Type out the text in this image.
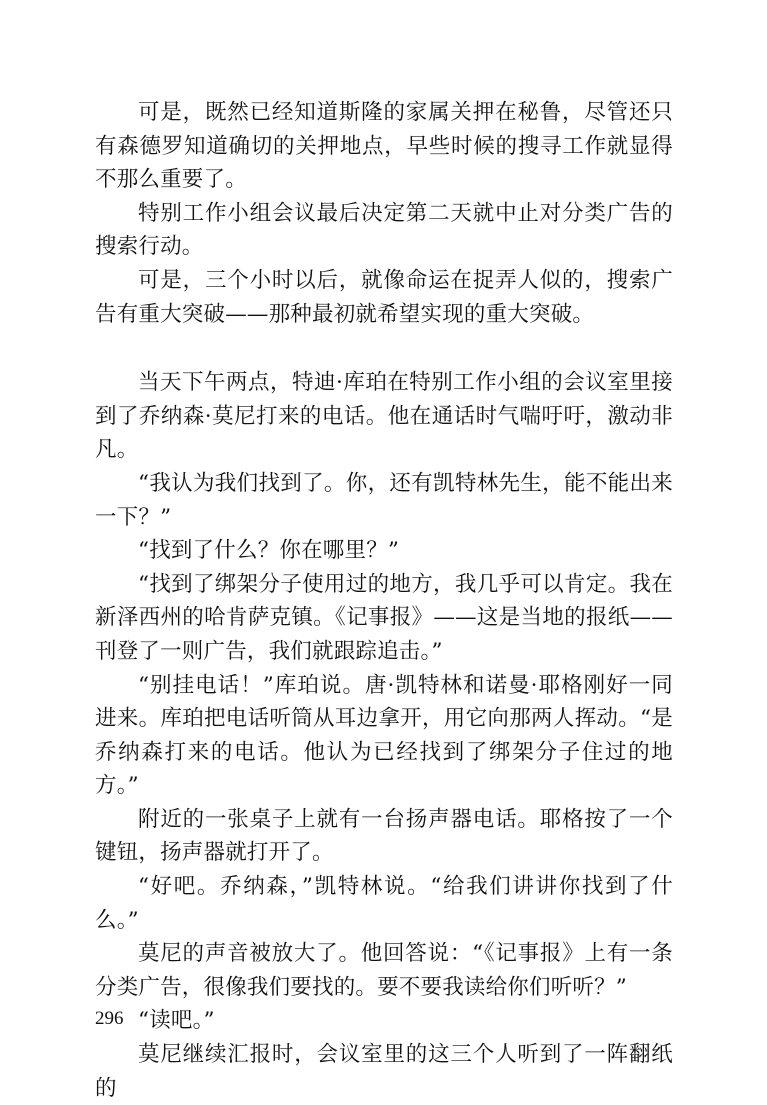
可是，既然已经知道斯隆的家属关押在秘鲁，尽管还只有森德罗知道确切的关押地点，早些时候的搜寻工作就显得不那么重要了。

特别工作小组会议最后决定第二天就中止对分类广告的搜索行动。

可是，三个小时以后，就像命运在捉弄人似的，搜索广告有重大突破——那种最初就希望实现的重大突破。

当天下午两点，特迪·库珀在特别工作小组的会议室里接到了乔纳森·莫尼打来的电话。他在通话时气喘吁吁，激动非凡。

“我认为我们找到了。你，还有凯特林先生，能不能出来一下？”

“找到了什么？你在哪里？”

“找到了绑架分子使用过的地方，我几乎可以肯定。我在新泽西州的哈肯萨克镇。《记事报》——这是当地的报纸——刊登了一则广告，我们就跟踪追击。”

“别挂电话！”库珀说。唐·凯特林和诺曼·耶格刚好一同进来。库珀把电话听筒从耳边拿开，用它向那两人挥动。“是乔纳森打来的电话。他认为已经找到了绑架分子住过的地方。”

附近的一张桌子上就有一台扬声器电话。耶格按了一个键钮，扬声器就打开了。

“好吧。乔纳森，”凯特林说。“给我们讲讲你找到了什么。”

莫尼的声音被放大了。他回答说：“《记事报》上有一条分类广告，很像我们要找的。要不要我读给你们听听？”

“读吧。”

莫尼继续汇报时，会议室里的这三个人听到了一阵翻纸的

296
